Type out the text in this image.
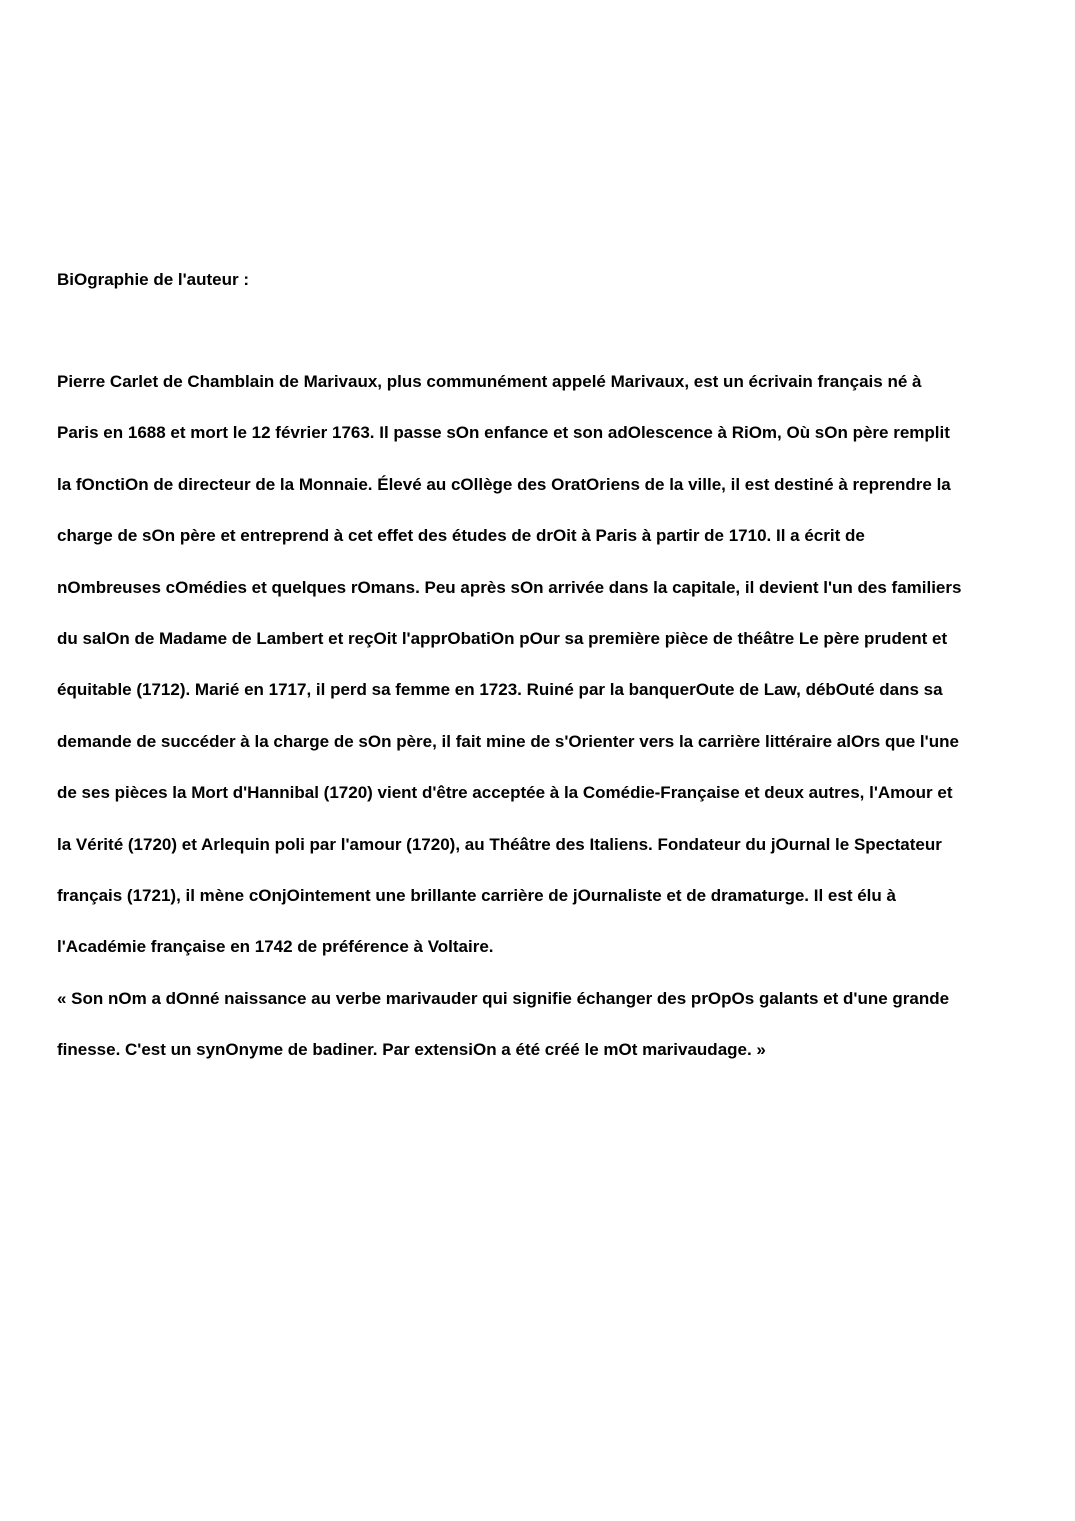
BiOgraphie de l'auteur :
Pierre Carlet de Chamblain de Marivaux, plus communément appelé Marivaux, est un écrivain français né à
Paris en 1688 et mort le 12 février 1763. Il passe sOn enfance et son adOlescence à RiOm, Où sOn père remplit
la fOnctiOn de directeur de la Monnaie. Élevé au cOllège des OratOriens de la ville, il est destiné à reprendre la
charge de sOn père et entreprend à cet effet des études de drOit à Paris à partir de 1710. Il a écrit de
nOmbreuses cOmédies et quelques rOmans. Peu après sOn arrivée dans la capitale, il devient l'un des familiers
du salOn de Madame de Lambert et reçOit l'apprObatiOn pOur sa première pièce de théâtre Le père prudent et
équitable (1712). Marié en 1717, il perd sa femme en 1723. Ruiné par la banquerOute de Law, débOuté dans sa
demande de succéder à la charge de sOn père, il fait mine de s'Orienter vers la carrière littéraire alOrs que l'une
de ses pièces la Mort d'Hannibal (1720) vient d'être acceptée à la Comédie-Française et deux autres, l'Amour et
la Vérité (1720) et Arlequin poli par l'amour (1720), au Théâtre des Italiens. Fondateur du jOurnal le Spectateur
français (1721), il mène cOnjOintement une brillante carrière de jOurnaliste et de dramaturge. Il est élu à
l'Académie française en 1742 de préférence à Voltaire.
« Son nOm a dOnné naissance au verbe marivauder qui signifie échanger des prOpOs galants et d'une grande
finesse. C'est un synOnyme de badiner. Par extensiOn a été créé le mOt marivaudage. »
